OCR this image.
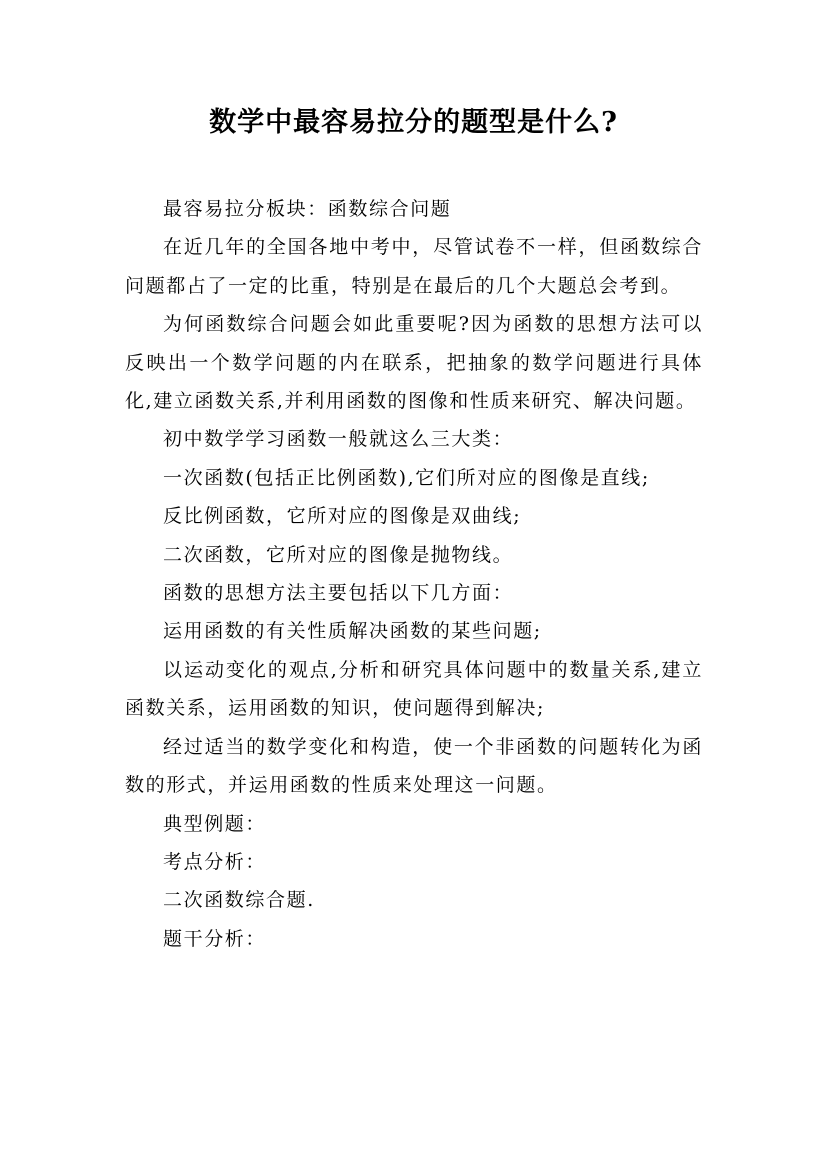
数学中最容易拉分的题型是什么?

最容易拉分板块：函数综合问题

在近几年的全国各地中考中，尽管试卷不一样，但函数综合问题都占了一定的比重，特别是在最后的几个大题总会考到。

为何函数综合问题会如此重要呢?因为函数的思想方法可以反映出一个数学问题的内在联系，把抽象的数学问题进行具体化,建立函数关系,并利用函数的图像和性质来研究、解决问题。

初中数学学习函数一般就这么三大类：

一次函数(包括正比例函数),它们所对应的图像是直线;

反比例函数，它所对应的图像是双曲线;

二次函数，它所对应的图像是抛物线。

函数的思想方法主要包括以下几方面：

运用函数的有关性质解决函数的某些问题;

以运动变化的观点,分析和研究具体问题中的数量关系,建立函数关系，运用函数的知识，使问题得到解决;

经过适当的数学变化和构造，使一个非函数的问题转化为函数的形式，并运用函数的性质来处理这一问题。

典型例题：

考点分析：

二次函数综合题.

题干分析：
